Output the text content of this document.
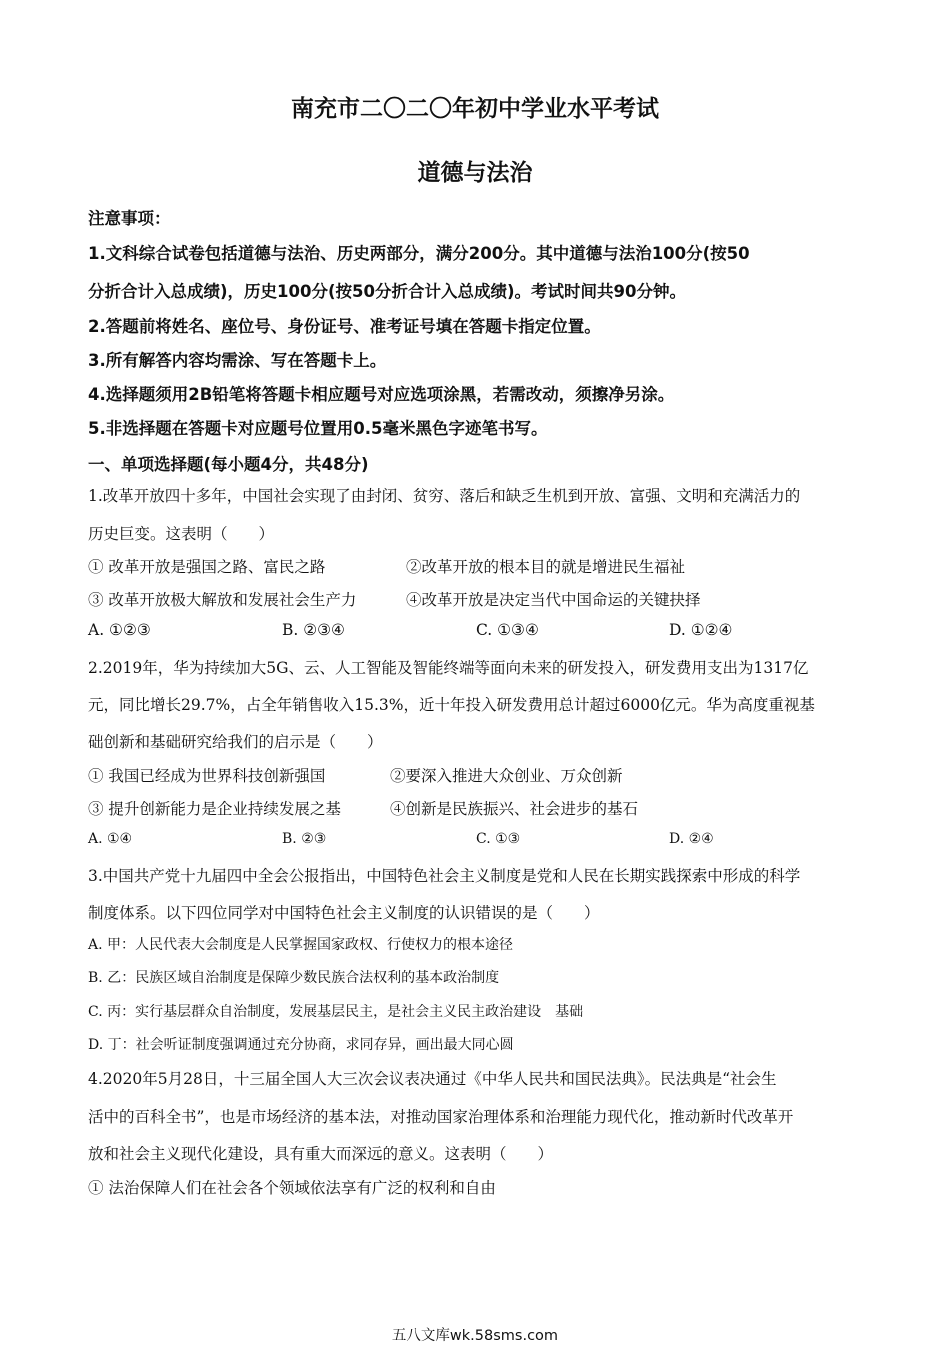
南充市二〇二〇年初中学业水平考试
道德与法治
注意事项：
1.文科综合试卷包括道德与法治、历史两部分，满分200分。其中道德与法治100分(按50
分折合计入总成绩)，历史100分(按50分折合计入总成绩)。考试时间共90分钟。
2.答题前将姓名、座位号、身份证号、准考证号填在答题卡指定位置。
3.所有解答内容均需涂、写在答题卡上。
4.选择题须用2B铅笔将答题卡相应题号对应选项涂黑，若需改动，须擦净另涂。
5.非选择题在答题卡对应题号位置用0.5毫米黑色字迹笔书写。
一、单项选择题(每小题4分，共48分)
1.改革开放四十多年，中国社会实现了由封闭、贫穷、落后和缺乏生机到开放、富强、文明和充满活力的
历史巨变。这表明（　　）
① 改革开放是强国之路、富民之路	②改革开放的根本目的就是增进民生福祉
③ 改革开放极大解放和发展社会生产力	④改革开放是决定当代中国命运的关键抉择
A. ①②③	B. ②③④	C. ①③④	D. ①②④
2.2019年，华为持续加大5G、云、人工智能及智能终端等面向未来的研发投入，研发费用支出为1317亿
元，同比增长29.7%，占全年销售收入15.3%，近十年投入研发费用总计超过6000亿元。华为高度重视基
础创新和基础研究给我们的启示是（　　）
① 我国已经成为世界科技创新强国	②要深入推进大众创业、万众创新
③ 提升创新能力是企业持续发展之基	④创新是民族振兴、社会进步的基石
A. ①④	B. ②③	C. ①③	D. ②④
3.中国共产党十九届四中全会公报指出，中国特色社会主义制度是党和人民在长期实践探索中形成的科学
制度体系。以下四位同学对中国特色社会主义制度的认识错误的是（　　）
A. 甲：人民代表大会制度是人民掌握国家政权、行使权力的根本途径
B. 乙：民族区域自治制度是保障少数民族合法权利的基本政治制度
C. 丙：实行基层群众自治制度，发展基层民主，是社会主义民主政治建设　基础
D. 丁：社会听证制度强调通过充分协商，求同存异，画出最大同心圆
4.2020年5月28日，十三届全国人大三次会议表决通过《中华人民共和国民法典》。民法典是“社会生
活中的百科全书”，也是市场经济的基本法，对推动国家治理体系和治理能力现代化，推动新时代改革开
放和社会主义现代化建设，具有重大而深远的意义。这表明（　　）
① 法治保障人们在社会各个领域依法享有广泛的权利和自由
五八文库wk.58sms.com
